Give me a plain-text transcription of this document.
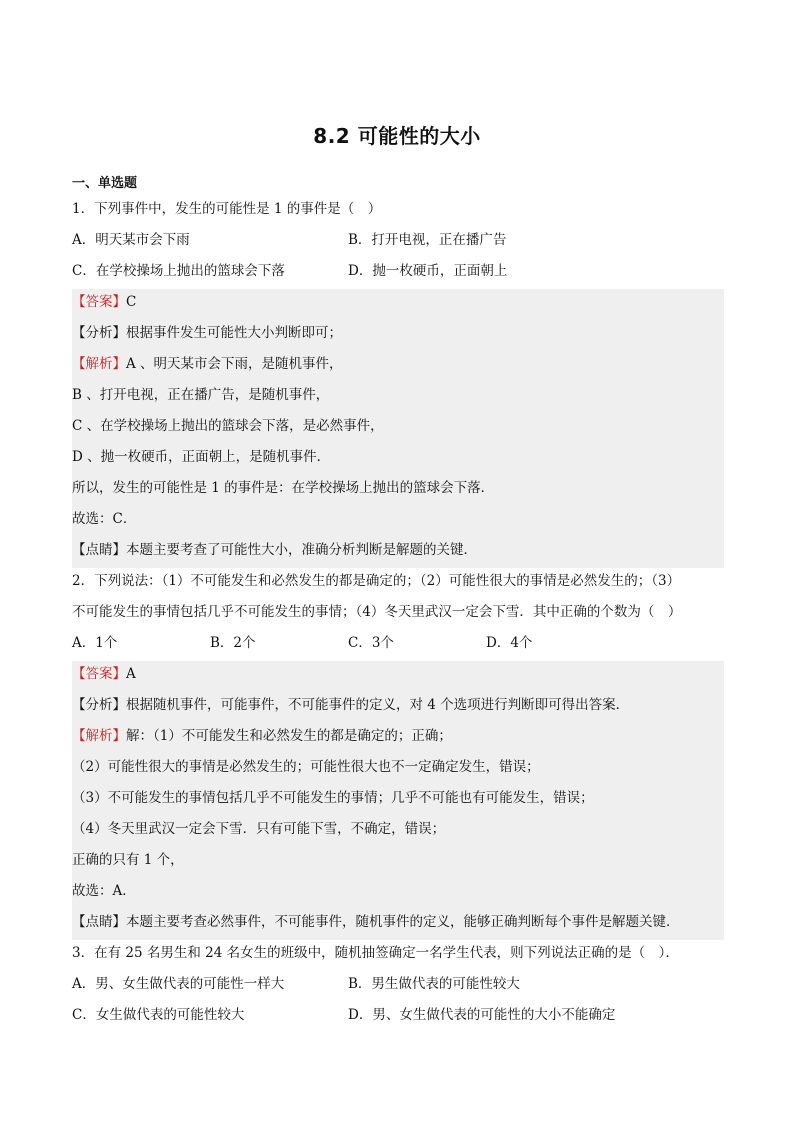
8.2 可能性的大小
一、单选题
1．下列事件中，发生的可能性是 1 的事件是（　）
A．明天某市会下雨	B．打开电视，正在播广告
C．在学校操场上抛出的篮球会下落	D．抛一枚硬币，正面朝上
【答案】C
【分析】根据事件发生可能性大小判断即可；
【解析】A 、明天某市会下雨，是随机事件，
B 、打开电视，正在播广告，是随机事件，
C 、在学校操场上抛出的篮球会下落，是必然事件，
D 、抛一枚硬币，正面朝上，是随机事件．
所以，发生的可能性是 1 的事件是：在学校操场上抛出的篮球会下落．
故选：C．
【点睛】本题主要考查了可能性大小，准确分析判断是解题的关键．
2．下列说法：（1）不可能发生和必然发生的都是确定的；（2）可能性很大的事情是必然发生的；（3）
不可能发生的事情包括几乎不可能发生的事情；（4）冬天里武汉一定会下雪．其中正确的个数为（　）
A．1个	B．2个	C．3个	D．4个
【答案】A
【分析】根据随机事件，可能事件，不可能事件的定义，对 4 个选项进行判断即可得出答案．
【解析】解：（1）不可能发生和必然发生的都是确定的；正确；
（2）可能性很大的事情是必然发生的；可能性很大也不一定确定发生，错误；
（3）不可能发生的事情包括几乎不可能发生的事情；几乎不可能也有可能发生，错误；
（4）冬天里武汉一定会下雪．只有可能下雪，不确定，错误；
正确的只有 1 个，
故选：A．
【点睛】本题主要考查必然事件，不可能事件，随机事件的定义，能够正确判断每个事件是解题关键．
3．在有 25 名男生和 24 名女生的班级中，随机抽签确定一名学生代表，则下列说法正确的是（　）．
A．男、女生做代表的可能性一样大	B．男生做代表的可能性较大
C．女生做代表的可能性较大	D．男、女生做代表的可能性的大小不能确定
